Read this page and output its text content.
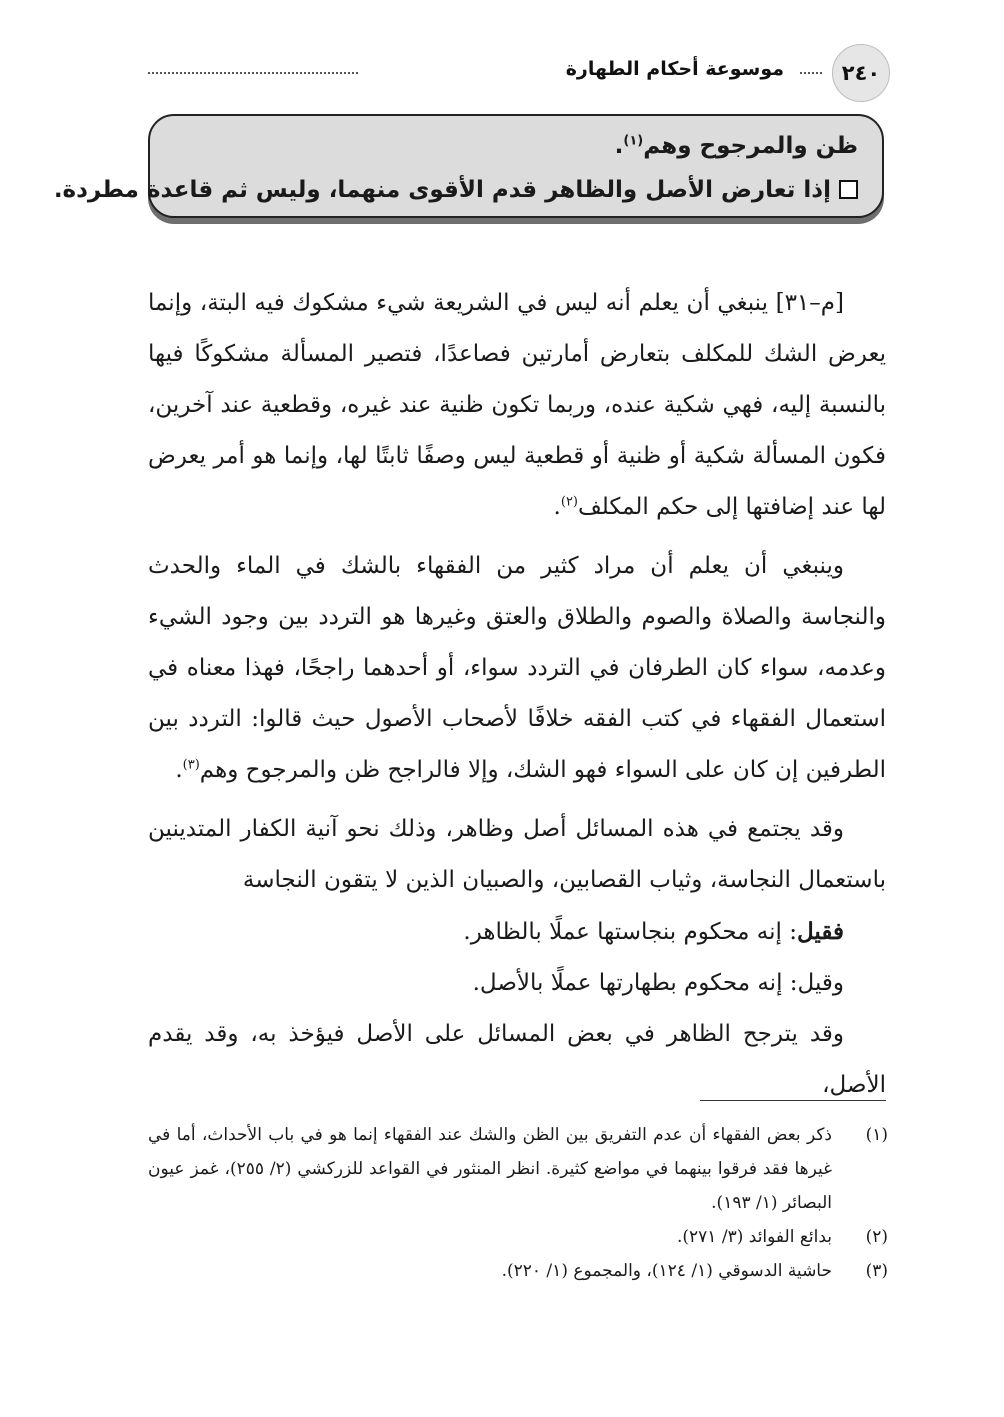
٢٤٠
موسوعة أحكام الطهارة

ظن والمرجوح وهم$^{(١)}$.

إذا تعارض الأصل والظاهر قدم الأقوى منهما، وليس ثم قاعدة مطردة.

[م–٣١] ينبغي أن يعلم أنه ليس في الشريعة شيء مشكوك فيه البتة، وإنما يعرض الشك للمكلف بتعارض أمارتين فصاعدًا، فتصير المسألة مشكوكًا فيها بالنسبة إليه، فهي شكية عنده، وربما تكون ظنية عند غيره، وقطعية عند آخرين، فكون المسألة شكية أو ظنية أو قطعية ليس وصفًا ثابتًا لها، وإنما هو أمر يعرض لها عند إضافتها إلى حكم المكلف$^{(٢)}$.

وينبغي أن يعلم أن مراد كثير من الفقهاء بالشك في الماء والحدث والنجاسة والصلاة والصوم والطلاق والعتق وغيرها هو التردد بين وجود الشيء وعدمه، سواء كان الطرفان في التردد سواء، أو أحدهما راجحًا، فهذا معناه في استعمال الفقهاء في كتب الفقه خلافًا لأصحاب الأصول حيث قالوا: التردد بين الطرفين إن كان على السواء فهو الشك، وإلا فالراجح ظن والمرجوح وهم$^{(٣)}$.

وقد يجتمع في هذه المسائل أصل وظاهر، وذلك نحو آنية الكفار المتدينين باستعمال النجاسة، وثياب القصابين، والصبيان الذين لا يتقون النجاسة

فقيل: إنه محكوم بنجاستها عملًا بالظاهر.

وقيل: إنه محكوم بطهارتها عملًا بالأصل.

وقد يترجح الظاهر في بعض المسائل على الأصل فيؤخذ به، وقد يقدم الأصل،

(١)
ذكر بعض الفقهاء أن عدم التفريق بين الظن والشك عند الفقهاء إنما هو في باب الأحداث، أما في غيرها فقد فرقوا بينهما في مواضع كثيرة. انظر المنثور في القواعد للزركشي (٢/ ٢٥٥)، غمز عيون البصائر (١/ ١٩٣).

(٢)
بدائع الفوائد (٣/ ٢٧١).

(٣)
حاشية الدسوقي (١/ ١٢٤)، والمجموع (١/ ٢٢٠).
